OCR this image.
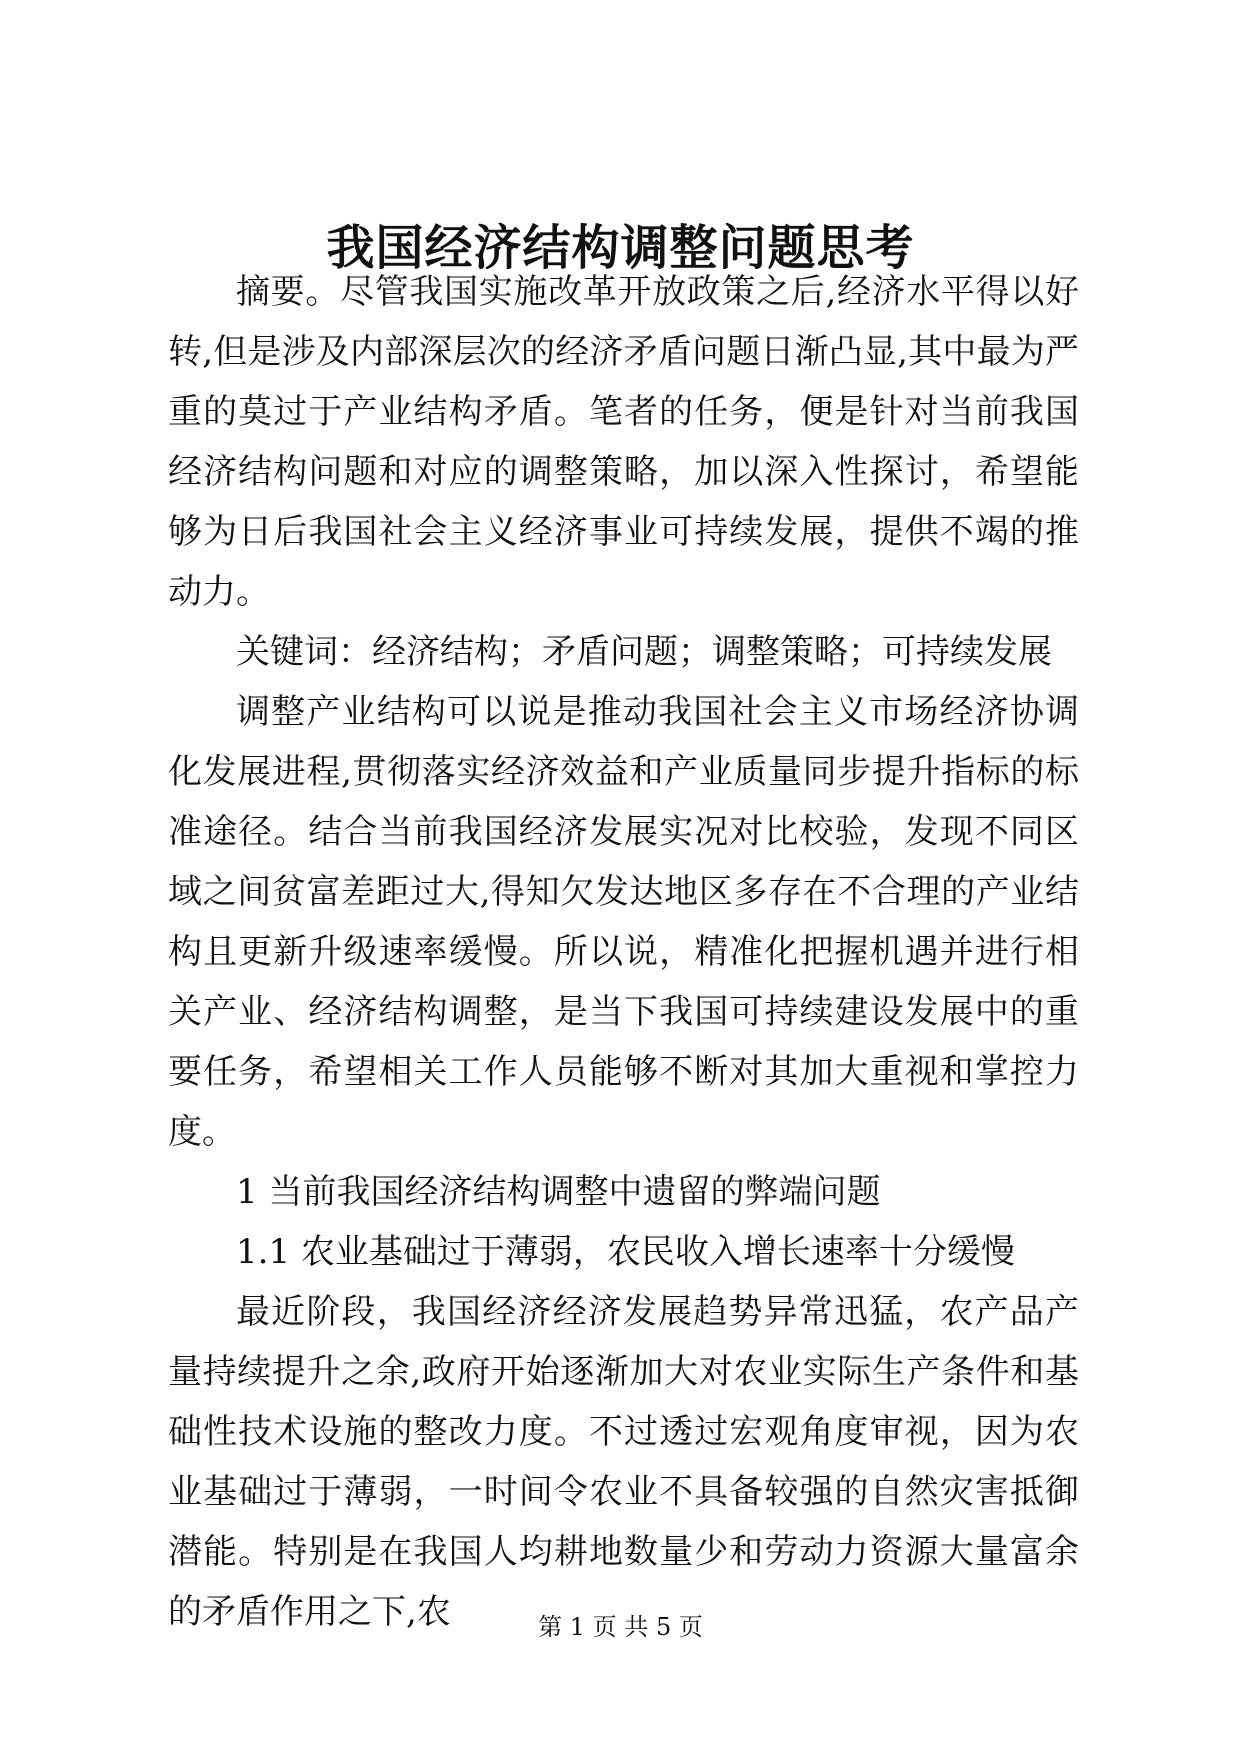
我国经济结构调整问题思考

摘要。尽管我国实施改革开放政策之后,经济水平得以好转,但是涉及内部深层次的经济矛盾问题日渐凸显,其中最为严重的莫过于产业结构矛盾。笔者的任务，便是针对当前我国经济结构问题和对应的调整策略，加以深入性探讨，希望能够为日后我国社会主义经济事业可持续发展，提供不竭的推动力。

关键词：经济结构；矛盾问题；调整策略；可持续发展

调整产业结构可以说是推动我国社会主义市场经济协调化发展进程,贯彻落实经济效益和产业质量同步提升指标的标准途径。结合当前我国经济发展实况对比校验，发现不同区域之间贫富差距过大,得知欠发达地区多存在不合理的产业结构且更新升级速率缓慢。所以说，精准化把握机遇并进行相关产业、经济结构调整，是当下我国可持续建设发展中的重要任务，希望相关工作人员能够不断对其加大重视和掌控力度。

1 当前我国经济结构调整中遗留的弊端问题

1.1 农业基础过于薄弱，农民收入增长速率十分缓慢

最近阶段，我国经济经济发展趋势异常迅猛，农产品产量持续提升之余,政府开始逐渐加大对农业实际生产条件和基础性技术设施的整改力度。不过透过宏观角度审视，因为农业基础过于薄弱，一时间令农业不具备较强的自然灾害抵御潜能。特别是在我国人均耕地数量少和劳动力资源大量富余的矛盾作用之下,农	第 1 页 共 5 页
